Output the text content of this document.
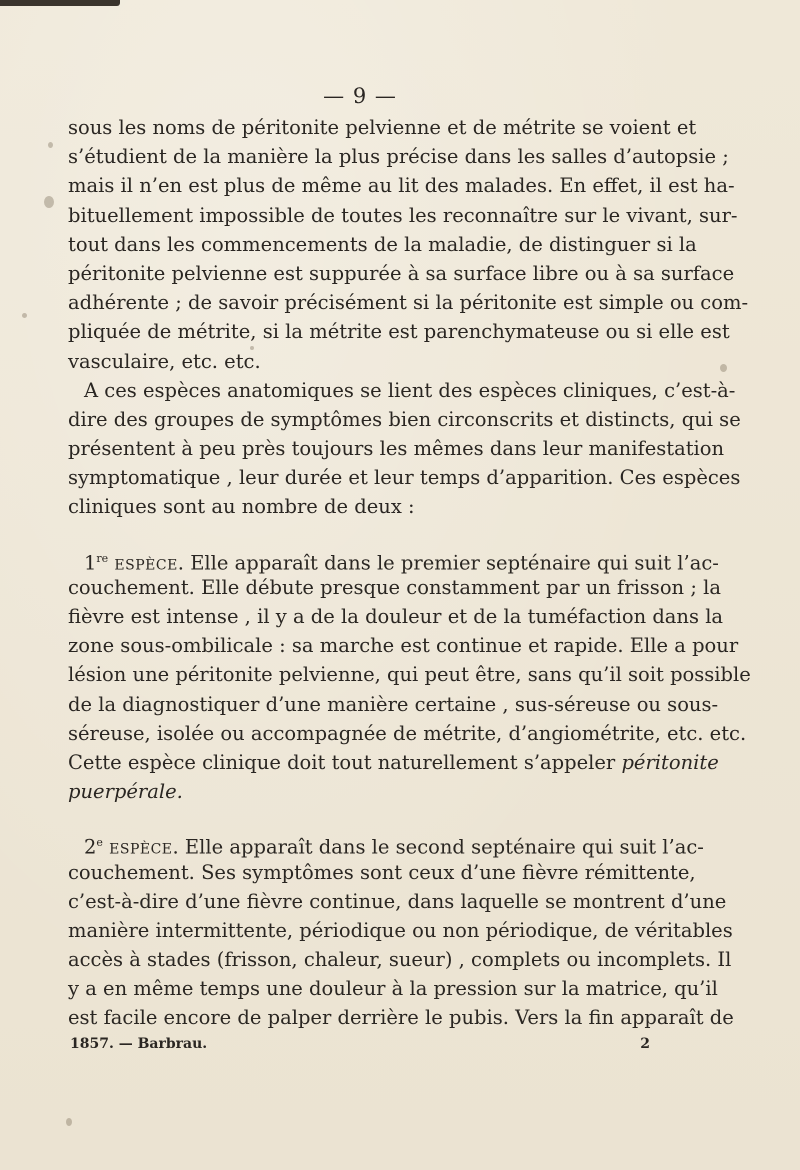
— 9 —
sous les noms de péritonite pelvienne et de métrite se voient et
s’étudient de la manière la plus précise dans les salles d’autopsie ;
mais il n’en est plus de même au lit des malades. En effet, il est ha-
bituellement impossible de toutes les reconnaître sur le vivant, sur-
tout dans les commencements de la maladie, de distinguer si la
péritonite pelvienne est suppurée à sa surface libre ou à sa surface
adhérente ; de savoir précisément si la péritonite est simple ou com-
pliquée de métrite, si la métrite est parenchymateuse ou si elle est
vasculaire, etc. etc.
A ces espèces anatomiques se lient des espèces cliniques, c’est-à-
dire des groupes de symptômes bien circonscrits et distincts, qui se
présentent à peu près toujours les mêmes dans leur manifestation
symptomatique , leur durée et leur temps d’apparition. Ces espèces
cliniques sont au nombre de deux :
1re espèce. Elle apparaît dans le premier septénaire qui suit l’ac-
couchement. Elle débute presque constamment par un frisson ; la
fièvre est intense , il y a de la douleur et de la tuméfaction dans la
zone sous-ombilicale : sa marche est continue et rapide. Elle a pour
lésion une péritonite pelvienne, qui peut être, sans qu’il soit possible
de la diagnostiquer d’une manière certaine , sus-séreuse ou sous-
séreuse, isolée ou accompagnée de métrite, d’angiométrite, etc. etc.
Cette espèce clinique doit tout naturellement s’appeler péritonite
puerpérale.
2e espèce. Elle apparaît dans le second septénaire qui suit l’ac-
couchement. Ses symptômes sont ceux d’une fièvre rémittente,
c’est-à-dire d’une fièvre continue, dans laquelle se montrent d’une
manière intermittente, périodique ou non périodique, de véritables
accès à stades (frisson, chaleur, sueur) , complets ou incomplets. Il
y a en même temps une douleur à la pression sur la matrice, qu’il
est facile encore de palper derrière le pubis. Vers la fin apparaît de
1857. — Barbrau.	2
